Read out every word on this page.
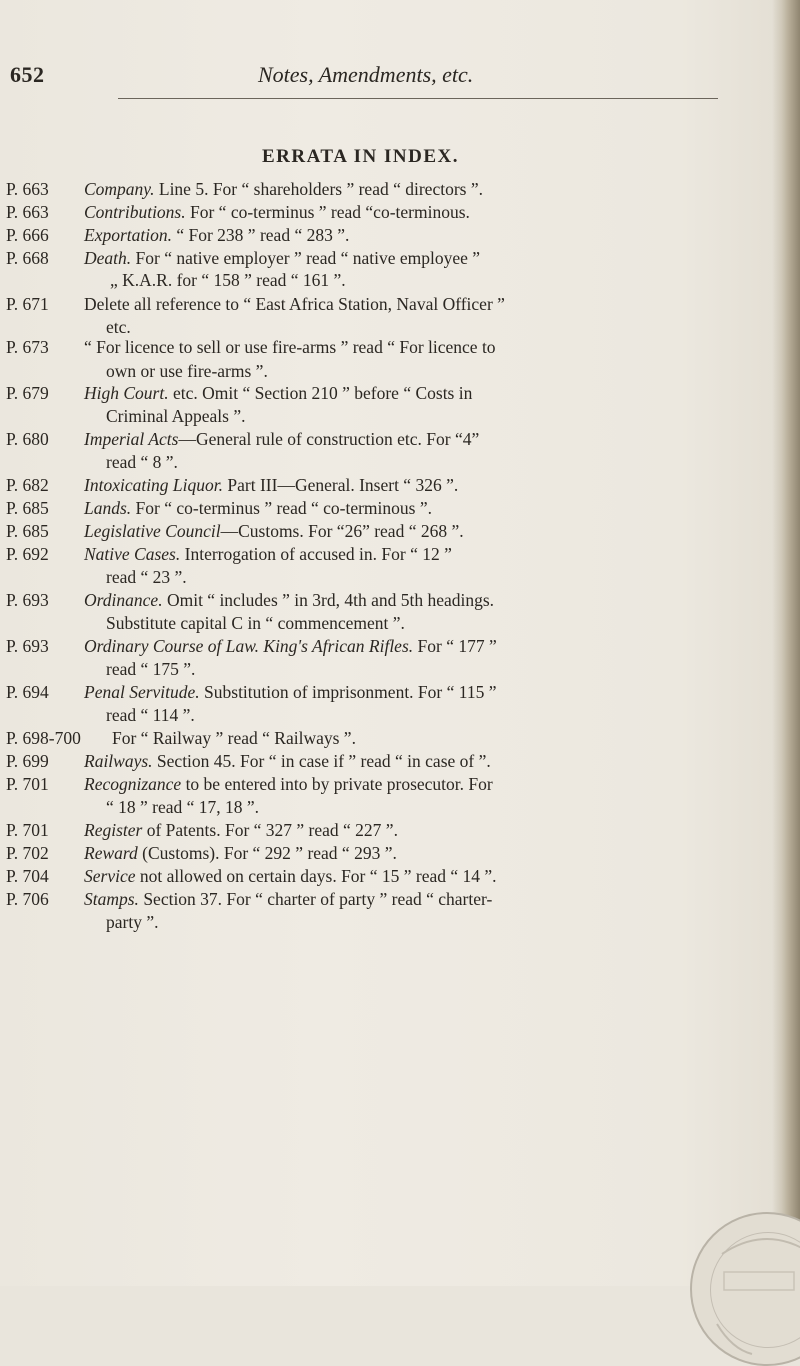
652	Notes, Amendments, etc.
ERRATA IN INDEX.
P. 663	Company. Line 5. For “ shareholders ” read “ directors ”.
P. 663	Contributions. For “ co-terminus ” read “co-terminous.
P. 666	Exportation. “ For 238 ” read “ 283 ”.
P. 668	Death. For “ native employer ” read “ native employee ”
„ K.A.R. for “ 158 ” read “ 161 ”.
P. 671	Delete all reference to “ East Africa Station, Naval Officer ”
etc.
P. 673	“ For licence to sell or use fire-arms ” read “ For licence to
own or use fire-arms ”.
P. 679	High Court. etc. Omit “ Section 210 ” before “ Costs in
Criminal Appeals ”.
P. 680	Imperial Acts—General rule of construction etc. For “4”
read “ 8 ”.
P. 682	Intoxicating Liquor. Part III—General. Insert “ 326 ”.
P. 685	Lands. For “ co-terminus ” read “ co-terminous ”.
P. 685	Legislative Council—Customs. For “26” read “ 268 ”.
P. 692	Native Cases. Interrogation of accused in. For “ 12 ”
read “ 23 ”.
P. 693	Ordinance. Omit “ includes ” in 3rd, 4th and 5th headings.
Substitute capital C in “ commencement ”.
P. 693	Ordinary Course of Law. King's African Rifles. For “ 177 ”
read “ 175 ”.
P. 694	Penal Servitude. Substitution of imprisonment. For “ 115 ”
read “ 114 ”.
P. 698-700 For “ Railway ” read “ Railways ”.
P. 699	Railways. Section 45. For “ in case if ” read “ in case of ”.
P. 701	Recognizance to be entered into by private prosecutor. For
“ 18 ” read “ 17, 18 ”.
P. 701	Register of Patents. For “ 327 ” read “ 227 ”.
P. 702	Reward (Customs). For “ 292 ” read “ 293 ”.
P. 704	Service not allowed on certain days. For “ 15 ” read “ 14 ”.
P. 706	Stamps. Section 37. For “ charter of party ” read “ charter-
party ”.
